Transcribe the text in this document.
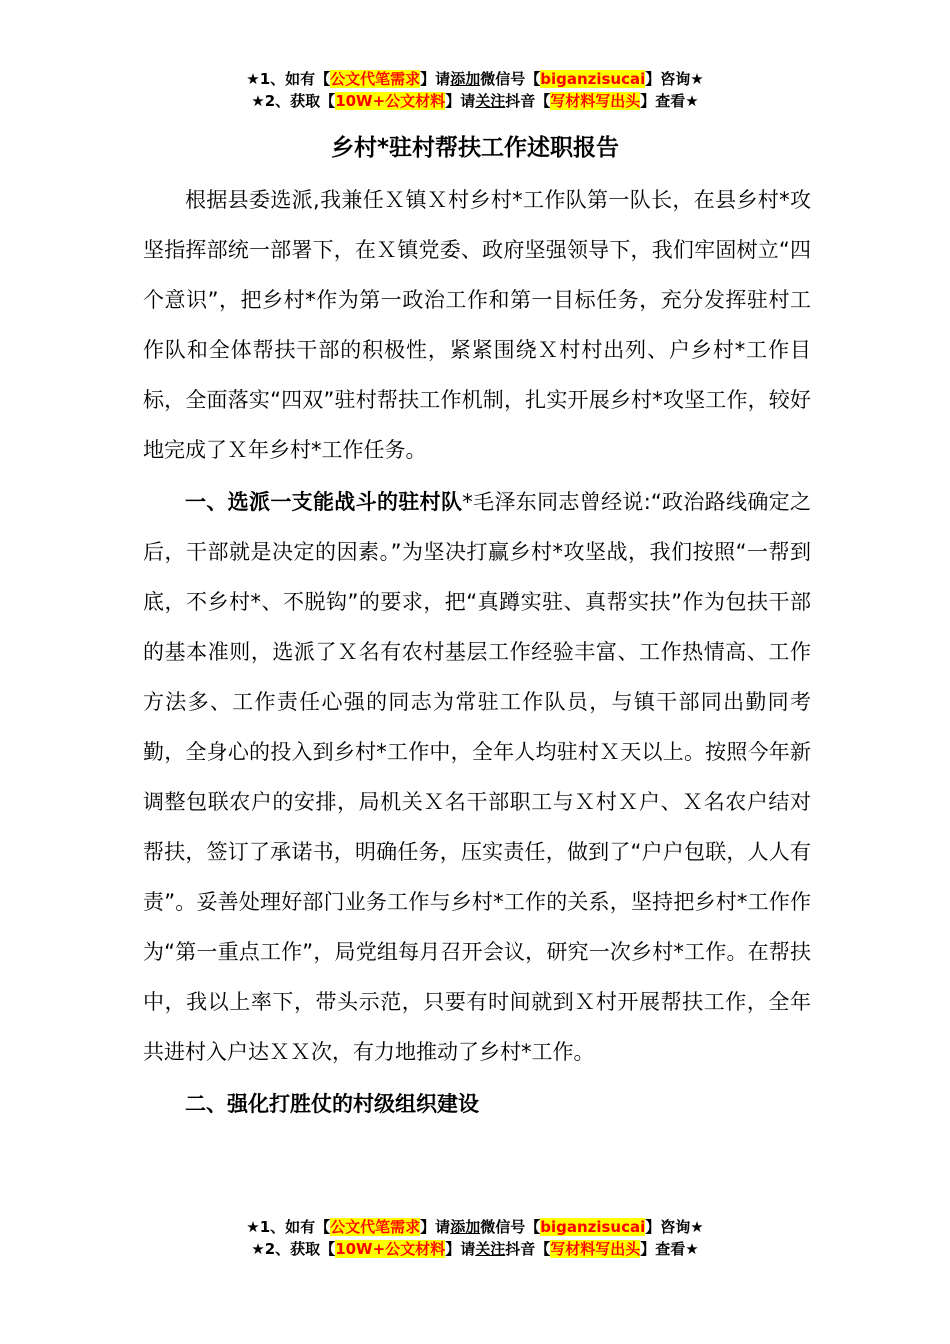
★1、如有【公文代笔需求】请添加微信号【biganzisucai】咨询★
★2、获取【10W+公文材料】请关注抖音【写材料写出头】查看★
乡村*驻村帮扶工作述职报告

根据县委选派,我兼任Ｘ镇Ｘ村乡村*工作队第一队长，在县乡村*攻坚指挥部统一部署下，在Ｘ镇党委、政府坚强领导下，我们牢固树立“四个意识”，把乡村*作为第一政治工作和第一目标任务，充分发挥驻村工作队和全体帮扶干部的积极性，紧紧围绕Ｘ村村出列、户乡村*工作目标，全面落实“四双”驻村帮扶工作机制，扎实开展乡村*攻坚工作，较好地完成了Ｘ年乡村*工作任务。

一、选派一支能战斗的驻村队*毛泽东同志曾经说:“政治路线确定之后，干部就是决定的因素。”为坚决打赢乡村*攻坚战，我们按照“一帮到底，不乡村*、不脱钩”的要求，把“真蹲实驻、真帮实扶”作为包扶干部的基本准则，选派了Ｘ名有农村基层工作经验丰富、工作热情高、工作方法多、工作责任心强的同志为常驻工作队员，与镇干部同出勤同考勤，全身心的投入到乡村*工作中，全年人均驻村Ｘ天以上。按照今年新调整包联农户的安排，局机关Ｘ名干部职工与Ｘ村Ｘ户、Ｘ名农户结对帮扶，签订了承诺书，明确任务，压实责任，做到了“户户包联，人人有责”。妥善处理好部门业务工作与乡村*工作的关系，坚持把乡村*工作作为“第一重点工作”，局党组每月召开会议，研究一次乡村*工作。在帮扶中，我以上率下，带头示范，只要有时间就到Ｘ村开展帮扶工作，全年共进村入户达ＸＸ次，有力地推动了乡村*工作。

二、强化打胜仗的村级组织建设

★1、如有【公文代笔需求】请添加微信号【biganzisucai】咨询★
★2、获取【10W+公文材料】请关注抖音【写材料写出头】查看★
